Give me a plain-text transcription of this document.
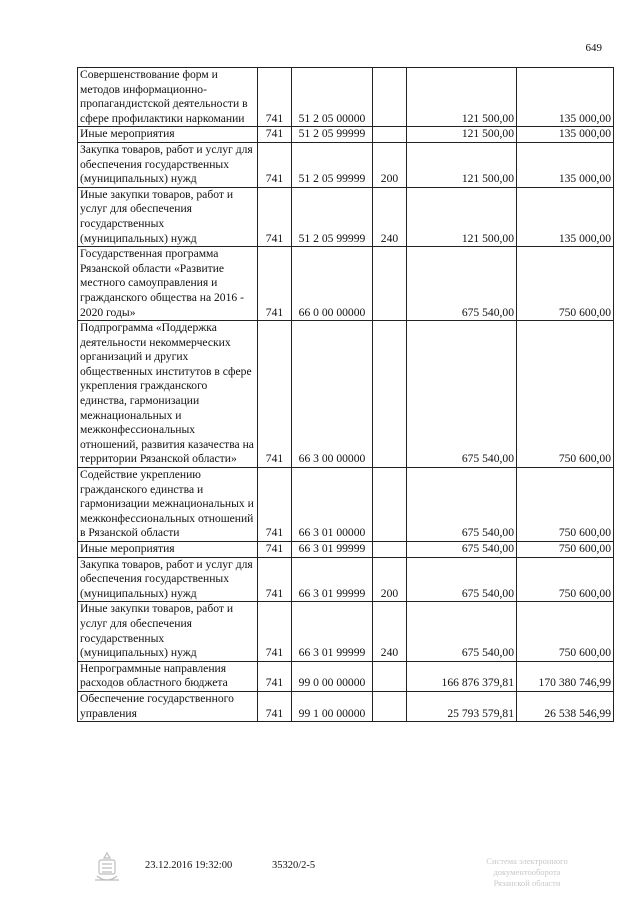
649
Совершенствование форм и методов информационно-пропагандистской деятельности в сфере профилактики наркомании	741	51 2 05 00000		121 500,00	135 000,00
Иные мероприятия	741	51 2 05 99999		121 500,00	135 000,00
Закупка товаров, работ и услуг для обеспечения государственных (муниципальных) нужд	741	51 2 05 99999	200	121 500,00	135 000,00
Иные закупки товаров, работ и услуг для обеспечения государственных (муниципальных) нужд	741	51 2 05 99999	240	121 500,00	135 000,00
Государственная программа Рязанской области «Развитие местного самоуправления и гражданского общества на 2016 - 2020 годы»	741	66 0 00 00000		675 540,00	750 600,00
Подпрограмма «Поддержка деятельности некоммерческих организаций и других общественных институтов в сфере укрепления гражданского единства, гармонизации межнациональных и межконфессиональных отношений, развития казачества на территории Рязанской области»	741	66 3 00 00000		675 540,00	750 600,00
Содействие укреплению гражданского единства и гармонизации межнациональных и межконфессиональных отношений в Рязанской области	741	66 3 01 00000		675 540,00	750 600,00
Иные мероприятия	741	66 3 01 99999		675 540,00	750 600,00
Закупка товаров, работ и услуг для обеспечения государственных (муниципальных) нужд	741	66 3 01 99999	200	675 540,00	750 600,00
Иные закупки товаров, работ и услуг для обеспечения государственных (муниципальных) нужд	741	66 3 01 99999	240	675 540,00	750 600,00
Непрограммные направления расходов областного бюджета	741	99 0 00 00000		166 876 379,81	170 380 746,99
Обеспечение государственного управления	741	99 1 00 00000		25 793 579,81	26 538 546,99
23.12.2016 19:32:00	35320/2-5	Система электронного документооборота
Рязанской области
